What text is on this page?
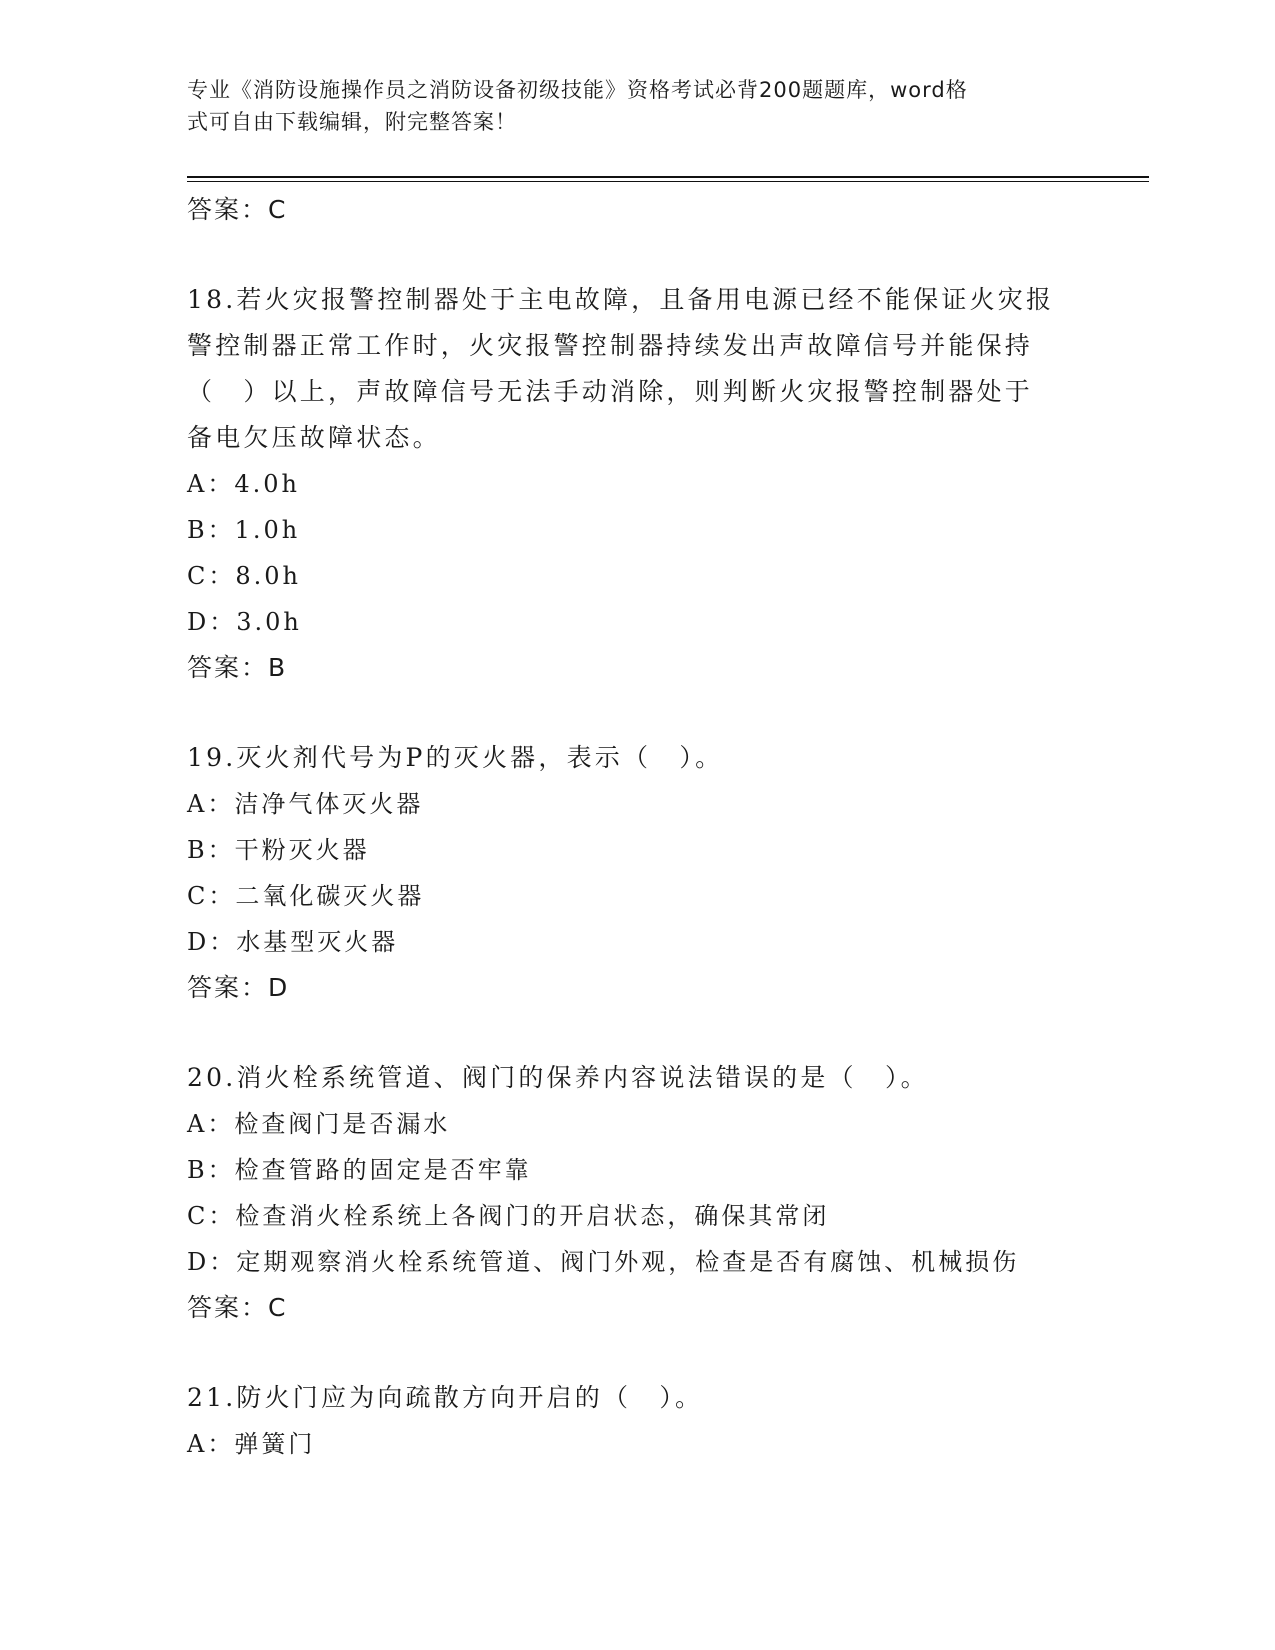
专业《消防设施操作员之消防设备初级技能》资格考试必背200题题库，word格
式可自由下载编辑，附完整答案！
答案：C
18.若火灾报警控制器处于主电故障，且备用电源已经不能保证火灾报
警控制器正常工作时，火灾报警控制器持续发出声故障信号并能保持
（　）以上，声故障信号无法手动消除，则判断火灾报警控制器处于
备电欠压故障状态。
A：4.0h
B：1.0h
C：8.0h
D：3.0h
答案：B
19.灭火剂代号为P的灭火器，表示（　）。
A：洁净气体灭火器
B：干粉灭火器
C：二氧化碳灭火器
D：水基型灭火器
答案：D
20.消火栓系统管道、阀门的保养内容说法错误的是（　）。
A：检查阀门是否漏水
B：检查管路的固定是否牢靠
C：检查消火栓系统上各阀门的开启状态，确保其常闭
D：定期观察消火栓系统管道、阀门外观，检查是否有腐蚀、机械损伤
答案：C
21.防火门应为向疏散方向开启的（　）。
A：弹簧门
